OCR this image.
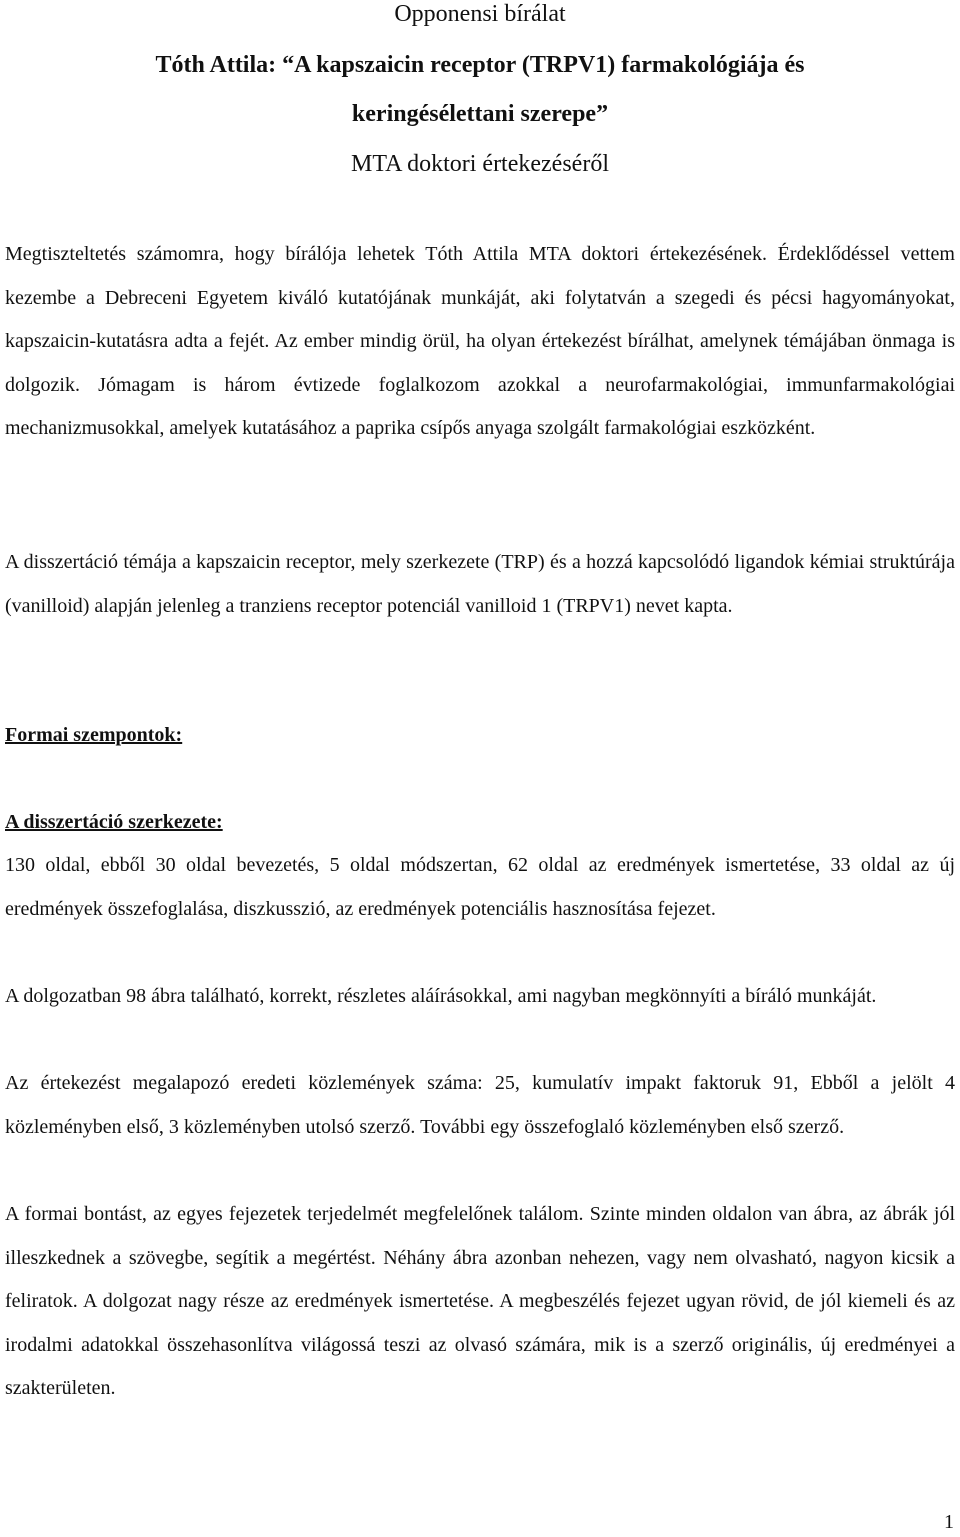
Opponensi bírálat
Tóth Attila: “A kapszaicin receptor (TRPV1) farmakológiája és
keringésélettani szerepe”
MTA doktori értekezéséről

Megtiszteltetés számomra, hogy bírálója lehetek Tóth Attila MTA doktori értekezésének. Érdeklődéssel vettem kezembe a Debreceni Egyetem kiváló kutatójának munkáját, aki folytatván a szegedi és pécsi hagyományokat, kapszaicin-kutatásra adta a fejét. Az ember mindig örül, ha olyan értekezést bírálhat, amelynek témájában önmaga is dolgozik. Jómagam is három évtizede foglalkozom azokkal a neurofarmakológiai, immunfarmakológiai mechanizmusokkal, amelyek kutatásához a paprika csípős anyaga szolgált farmakológiai eszközként.

A disszertáció témája a kapszaicin receptor, mely szerkezete (TRP) és a hozzá kapcsolódó ligandok kémiai struktúrája (vanilloid) alapján jelenleg a tranziens receptor potenciál vanilloid 1 (TRPV1) nevet kapta.

Formai szempontok:
A disszertáció szerkezete:

130 oldal, ebből 30 oldal bevezetés, 5 oldal módszertan, 62 oldal az eredmények ismertetése, 33 oldal az új eredmények összefoglalása, diszkusszió, az eredmények potenciális hasznosítása fejezet.

A dolgozatban 98 ábra található, korrekt, részletes aláírásokkal, ami nagyban megkönnyíti a bíráló munkáját.

Az értekezést megalapozó eredeti közlemények száma: 25, kumulatív impakt faktoruk 91, Ebből a jelölt 4 közleményben első, 3 közleményben utolsó szerző. További egy összefoglaló közleményben első szerző.

A formai bontást, az egyes fejezetek terjedelmét megfelelőnek találom. Szinte minden oldalon van ábra, az ábrák jól illeszkednek a szövegbe, segítik a megértést. Néhány ábra azonban nehezen, vagy nem olvasható, nagyon kicsik a feliratok. A dolgozat nagy része az eredmények ismertetése. A megbeszélés fejezet ugyan rövid, de jól kiemeli és az irodalmi adatokkal összehasonlítva világossá teszi az olvasó számára, mik is a szerző originális, új eredményei a szakterületen.

1
